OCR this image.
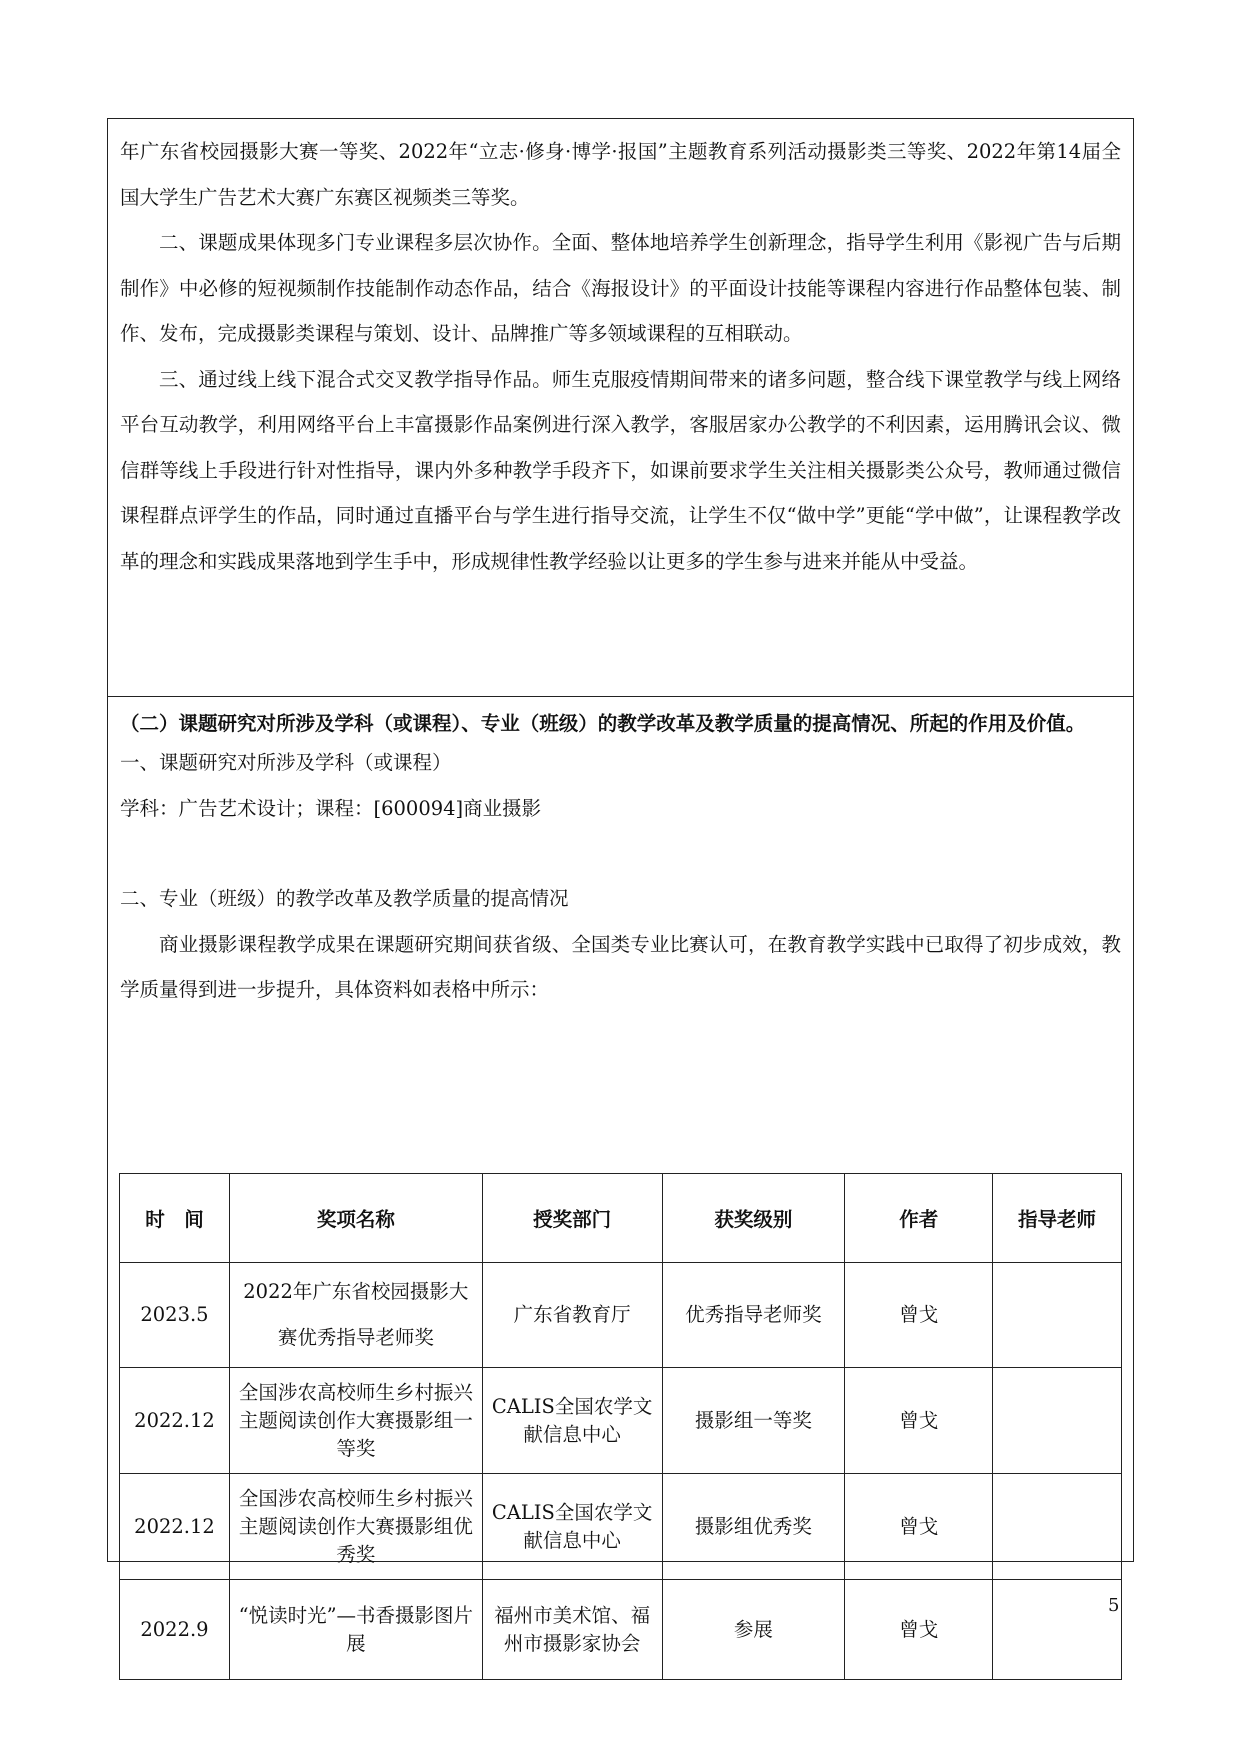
年广东省校园摄影大赛一等奖、2022年“立志·修身·博学·报国”主题教育系列活动摄影类三等奖、2022年第14届全国大学生广告艺术大赛广东赛区视频类三等奖。

二、课题成果体现多门专业课程多层次协作。全面、整体地培养学生创新理念，指导学生利用《影视广告与后期制作》中必修的短视频制作技能制作动态作品，结合《海报设计》的平面设计技能等课程内容进行作品整体包装、制作、发布，完成摄影类课程与策划、设计、品牌推广等多领域课程的互相联动。

三、通过线上线下混合式交叉教学指导作品。师生克服疫情期间带来的诸多问题，整合线下课堂教学与线上网络平台互动教学，利用网络平台上丰富摄影作品案例进行深入教学，客服居家办公教学的不利因素，运用腾讯会议、微信群等线上手段进行针对性指导，课内外多种教学手段齐下，如课前要求学生关注相关摄影类公众号，教师通过微信课程群点评学生的作品，同时通过直播平台与学生进行指导交流，让学生不仅“做中学”更能“学中做”，让课程教学改革的理念和实践成果落地到学生手中，形成规律性教学经验以让更多的学生参与进来并能从中受益。

（二）课题研究对所涉及学科（或课程）、专业（班级）的教学改革及教学质量的提高情况、所起的作用及价值。

一、课题研究对所涉及学科（或课程）

学科：广告艺术设计；课程：[600094]商业摄影

二、专业（班级）的教学改革及教学质量的提高情况

商业摄影课程教学成果在课题研究期间获省级、全国类专业比赛认可，在教育教学实践中已取得了初步成效，教学质量得到进一步提升，具体资料如表格中所示：

时　间	奖项名称	授奖部门	获奖级别	作者	指导老师
2023.5	2022年广东省校园摄影大赛优秀指导老师奖	广东省教育厅	优秀指导老师奖	曾戈	
2022.12	全国涉农高校师生乡村振兴主题阅读创作大赛摄影组一等奖	CALIS全国农学文献信息中心	摄影组一等奖	曾戈	
2022.12	全国涉农高校师生乡村振兴主题阅读创作大赛摄影组优秀奖	CALIS全国农学文献信息中心	摄影组优秀奖	曾戈	
2022.9	“悦读时光”—书香摄影图片展	福州市美术馆、福州市摄影家协会	参展	曾戈	
5
